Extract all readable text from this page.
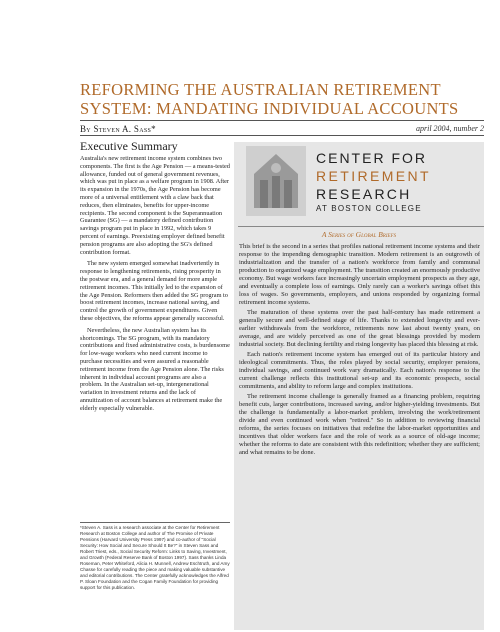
REFORMING THE AUSTRALIAN RETIREMENT
SYSTEM: MANDATING INDIVIDUAL ACCOUNTS
By Steven A. Sass*	april 2004, number 2
Executive Summary

Australia's new retirement income system combines two components. The first is the Age Pension — a means-tested allowance, funded out of general government revenues, which was put in place as a welfare program in 1908. After its expansion in the 1970s, the Age Pension has become more of a universal entitlement with a claw back that reduces, then eliminates, benefits for upper-income recipients. The second component is the Superannuation Guarantee (SG) — a mandatory defined contribution savings program put in place in 1992, which takes 9 percent of earnings. Preexisting employer defined benefit pension programs are also adopting the SG's defined contribution format.

The new system emerged somewhat inadvertently in response to lengthening retirements, rising prosperity in the postwar era, and a general demand for more ample retirement incomes. This initially led to the expansion of the Age Pension. Reformers then added the SG program to boost retirement incomes, increase national saving, and control the growth of government expenditures. Given these objectives, the reforms appear generally successful.

Nevertheless, the new Australian system has its shortcomings. The SG program, with its mandatory contributions and fixed administrative costs, is burdensome for low-wage workers who need current income to purchase necessities and were assured a reasonable retirement income from the Age Pension alone. The risks inherent in individual account programs are also a problem. In the Australian set-up, intergenerational variation in investment returns and the lack of annuitization of account balances at retirement make the elderly especially vulnerable.

*Steven A. Sass is a research associate at the Center for Retirement Research at Boston College and author of The Promise of Private Pensions (Harvard University Press 1997) and co-author of "Social Security: How Social and Secure Should It Be?" in Steven Sass and Robert Triest, eds., Social Security Reform: Links to Saving, Investment, and Growth (Federal Reserve Bank of Boston 1997). Sass thanks Linda Roseman, Peter Whiteford, Alicia H. Munnell, Andrew Eschtruth, and Amy Chasse for carefully reading the piece and making valuable substantive and editorial contributions. The Center gratefully acknowledges the Alfred P. Sloan Foundation and the Cogan Family Foundation for providing support for this publication.
CENTER FOR
RETIREMENT
RESEARCH
AT BOSTON COLLEGE
A Series of Global Briefs

This brief is the second in a series that profiles national retirement income systems and their response to the impending demographic transition. Modern retirement is an outgrowth of industrialization and the transfer of a nation's workforce from family and communal production to organized wage employment. The transition created an enormously productive economy. But wage workers face increasingly uncertain employment prospects as they age, and eventually a complete loss of earnings. Only rarely can a worker's savings offset this loss of wages. So governments, employers, and unions responded by organizing formal retirement income systems.

The maturation of these systems over the past half-century has made retirement a generally secure and well-defined stage of life. Thanks to extended longevity and ever-earlier withdrawals from the workforce, retirements now last about twenty years, on average, and are widely perceived as one of the great blessings provided by modern industrial society. But declining fertility and rising longevity has placed this blessing at risk.

Each nation's retirement income system has emerged out of its particular history and ideological commitments. Thus, the roles played by social security, employer pensions, individual savings, and continued work vary dramatically. Each nation's response to the current challenge reflects this institutional set-up and its economic prospects, social commitments, and ability to reform large and complex institutions.

The retirement income challenge is generally framed as a financing problem, requiring benefit cuts, larger contributions, increased saving, and/or higher-yielding investments. But the challenge is fundamentally a labor-market problem, involving the work/retirement divide and even continued work when "retired." So in addition to reviewing financial reforms, the series focuses on initiatives that redefine the labor-market opportunities and incentives that older workers face and the role of work as a source of old-age income; whether the reforms to date are consistent with this redefinition; whether they are sufficient; and what remains to be done.
